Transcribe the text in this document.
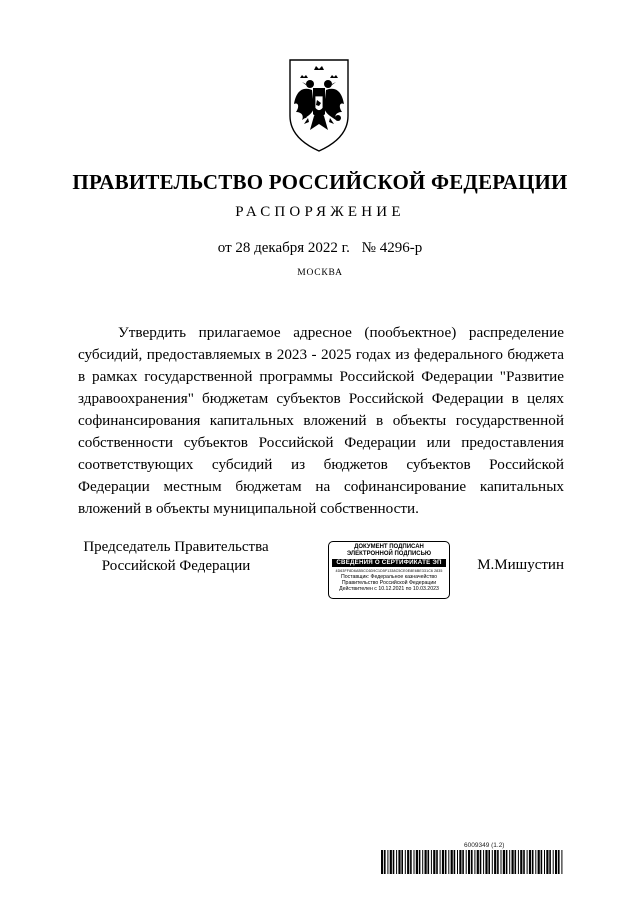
ПРАВИТЕЛЬСТВО РОССИЙСКОЙ ФЕДЕРАЦИИ
РАСПОРЯЖЕНИЕ
от 28 декабря 2022 г. № 4296-р
МОСКВА

Утвердить прилагаемое адресное (пообъектное) распределение субсидий, предоставляемых в 2023 - 2025 годах из федерального бюджета в рамках государственной программы Российской Федерации "Развитие здравоохранения" бюджетам субъектов Российской Федерации в целях софинансирования капитальных вложений в объекты государственной собственности субъектов Российской Федерации или предоставления соответствующих субсидий из бюджетов субъектов Российской Федерации местным бюджетам на софинансирование капитальных вложений в объекты муниципальной собственности.

Председатель Правительства
Российской Федерации
ДОКУМЕНТ ПОДПИСАН
ЭЛЕКТРОННОЙ ПОДПИСЬЮ
СВЕДЕНИЯ О СЕРТИФИКАТЕ ЭП
4D63FF8D6AB5CC6D9C1D5F1338C5CE0E8E6BE331C6 2835
Поставщик: Федеральное казначейство
Правительство Российской Федерации
Действителен с 10.12.2021 по 10.03.2023
М.Мишустин
6009349 (1.2)
